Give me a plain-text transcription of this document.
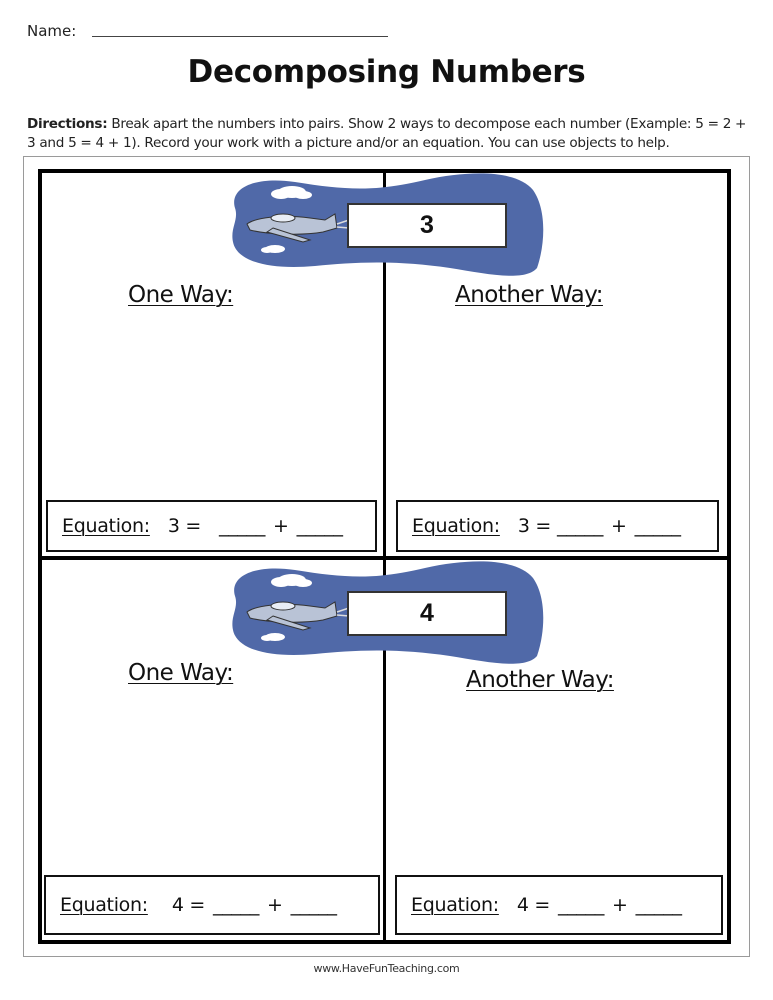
Name:
Decomposing Numbers
Directions: Break apart the numbers into pairs. Show 2 ways to decompose each number (Example: 5 = 2 + 3 and 5 = 4 + 1). Record your work with a picture and/or an equation. You can use objects to help.
3
One Way:	Another Way:
Equation: 3 = _____ + _____	Equation: 3 = _____ + _____
4
One Way:	Another Way:
Equation: 4 = _____ + _____	Equation: 4 = _____ + _____
www.HaveFunTeaching.com
